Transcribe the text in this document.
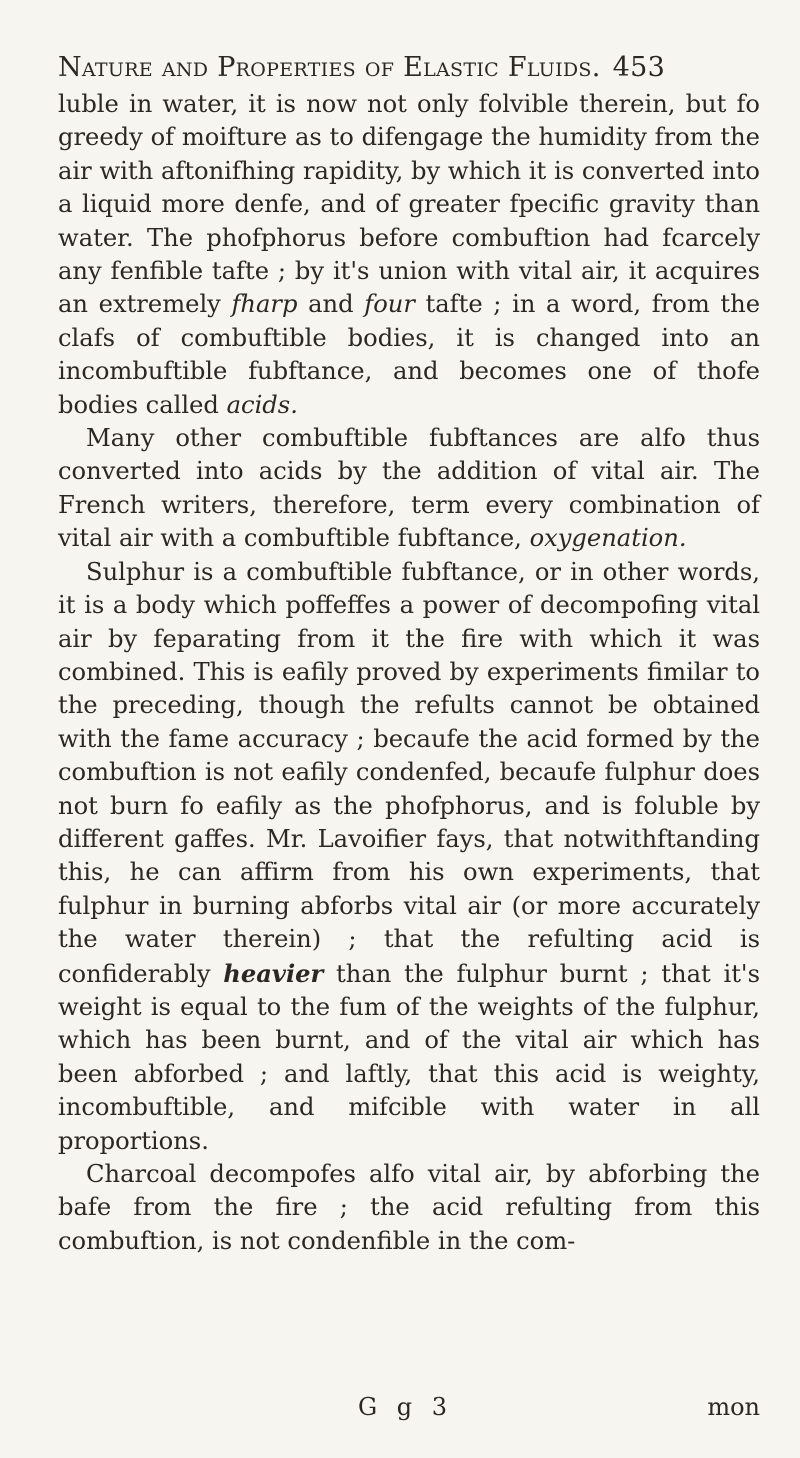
Nature and Properties of Elastic Fluids. 453

luble in water, it is now not only folvible therein, but fo greedy of moifture as to difengage the humidity from the air with aftonifhing rapidity, by which it is converted into a liquid more denfe, and of greater fpecific gravity than water. The phofphorus before combuftion had fcarcely any fenfible tafte ; by it's union with vital air, it acquires an extremely fharp and four tafte ; in a word, from the clafs of combuftible bodies, it is changed into an incombuftible fubftance, and becomes one of thofe bodies called acids.

Many other combuftible fubftances are alfo thus converted into acids by the addition of vital air. The French writers, therefore, term every combination of vital air with a combuftible fubftance, oxygenation.

Sulphur is a combuftible fubftance, or in other words, it is a body which poffeffes a power of decompofing vital air by feparating from it the fire with which it was combined. This is eafily proved by experiments fimilar to the preceding, though the refults cannot be obtained with the fame accuracy ; becaufe the acid formed by the combuftion is not eafily condenfed, becaufe fulphur does not burn fo eafily as the phofphorus, and is foluble by different gaffes. Mr. Lavoifier fays, that notwithftanding this, he can affirm from his own experiments, that fulphur in burning abforbs vital air (or more accurately the water therein) ; that the refulting acid is confiderably heavier than the fulphur burnt ; that it's weight is equal to the fum of the weights of the fulphur, which has been burnt, and of the vital air which has been abforbed ; and laftly, that this acid is weighty, incombuftible, and mifcible with water in all proportions.

Charcoal decompofes alfo vital air, by abforbing the bafe from the fire ; the acid refulting from this combuftion, is not condenfible in the com-

G g 3	mon
